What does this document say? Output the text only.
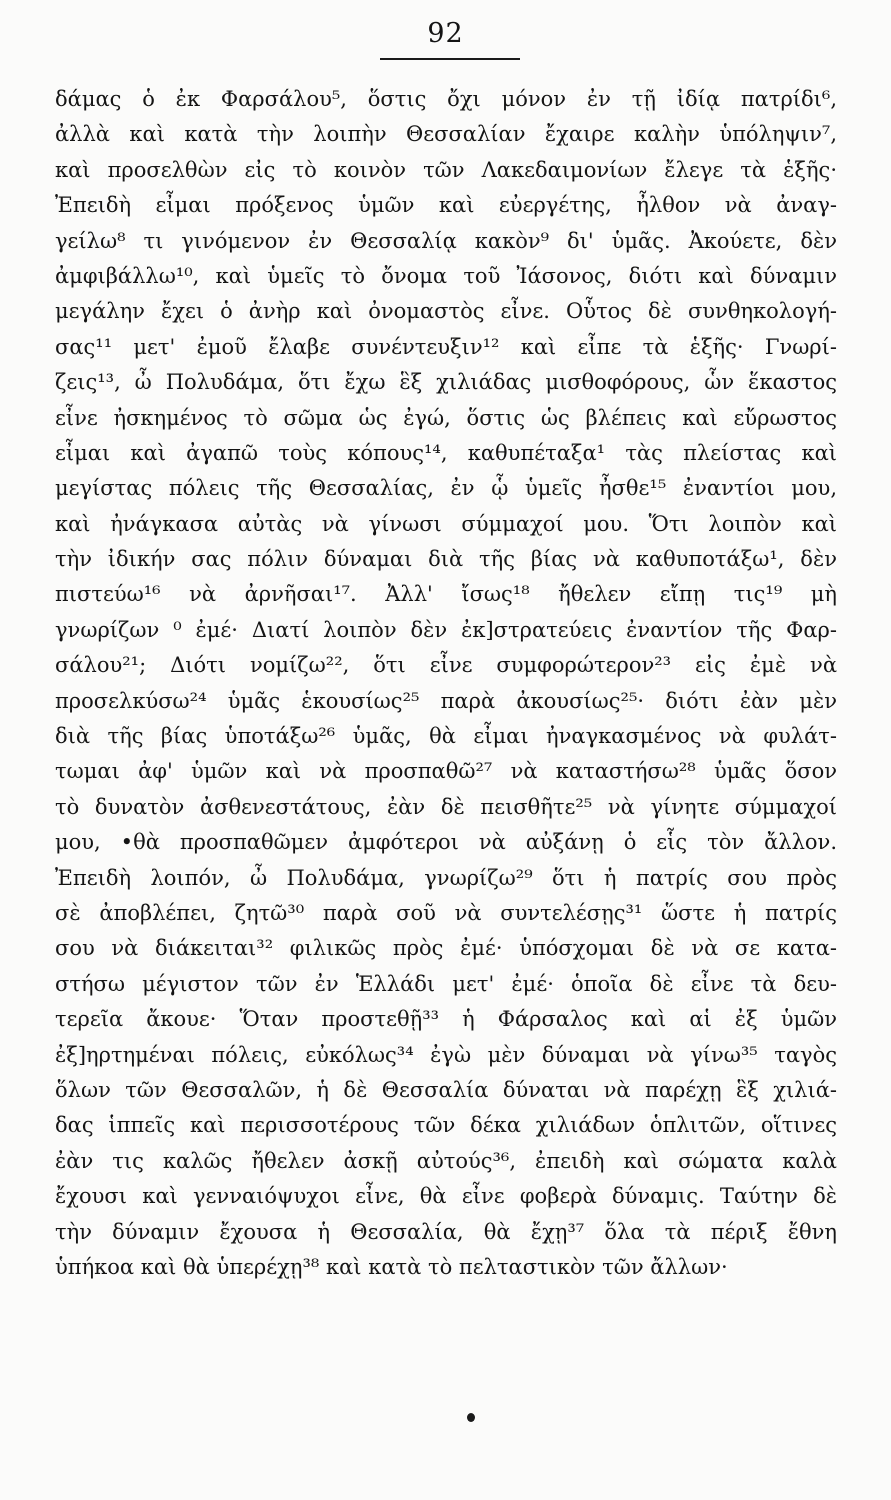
92
δάμας ὁ ἐκ Φαρσάλου⁵, ὅστις ὄχι μόνον ἐν τῇ ἰδίᾳ πατρίδι⁶,
ἀλλὰ καὶ κατὰ τὴν λοιπὴν Θεσσαλίαν ἔχαιρε καλὴν ὑπόληψιν⁷,
καὶ προσελθὼν εἰς τὸ κοινὸν τῶν Λακεδαιμονίων ἔλεγε τὰ ἑξῆς·
Ἐπειδὴ εἶμαι πρόξενος ὑμῶν καὶ εὐεργέτης, ἦλθον νὰ ἀναγ-
γείλω⁸ τι γινόμενον ἐν Θεσσαλίᾳ κακὸν⁹ δι' ὑμᾶς. Ἀκούετε, δὲν
ἀμφιβάλλω¹⁰, καὶ ὑμεῖς τὸ ὄνομα τοῦ Ἰάσονος, διότι καὶ δύναμιν
μεγάλην ἔχει ὁ ἀνὴρ καὶ ὀνομαστὸς εἶνε. Οὗτος δὲ συνθηκολογή-
σας¹¹ μετ' ἐμοῦ ἔλαβε συνέντευξιν¹² καὶ εἶπε τὰ ἑξῆς· Γνωρί-
ζεις¹³, ὦ Πολυδάμα, ὅτι ἔχω ἓξ χιλιάδας μισθοφόρους, ὧν ἕκαστος
εἶνε ἠσκημένος τὸ σῶμα ὡς ἐγώ, ὅστις ὡς βλέπεις καὶ εὔρωστος
εἶμαι καὶ ἀγαπῶ τοὺς κόπους¹⁴, καθυπέταξα¹ τὰς πλείστας καὶ
μεγίστας πόλεις τῆς Θεσσαλίας, ἐν ᾧ ὑμεῖς ἦσθε¹⁵ ἐναντίοι μου,
καὶ ἠνάγκασα αὐτὰς νὰ γίνωσι σύμμαχοί μου. Ὅτι λοιπὸν καὶ
τὴν ἰδικήν σας πόλιν δύναμαι διὰ τῆς βίας νὰ καθυποτάξω¹, δὲν
πιστεύω¹⁶ νὰ ἀρνῆσαι¹⁷. Ἀλλ' ἴσως¹⁸ ἤθελεν εἴπῃ τις¹⁹ μὴ
γνωρίζων ⁰ ἐμέ· Διατί λοιπὸν δὲν ἐκ]στρατεύεις ἐναντίον τῆς Φαρ-
σάλου²¹; Διότι νομίζω²², ὅτι εἶνε συμφορώτερον²³ εἰς ἐμὲ νὰ
προσελκύσω²⁴ ὑμᾶς ἑκουσίως²⁵ παρὰ ἀκουσίως²⁵· διότι ἐὰν μὲν
διὰ τῆς βίας ὑποτάξω²⁶ ὑμᾶς, θὰ εἶμαι ἠναγκασμένος νὰ φυλάτ-
τωμαι ἀφ' ὑμῶν καὶ νὰ προσπαθῶ²⁷ νὰ καταστήσω²⁸ ὑμᾶς ὅσον
τὸ δυνατὸν ἀσθενεστάτους, ἐὰν δὲ πεισθῆτε²⁵ νὰ γίνητε σύμμαχοί
μου, •θὰ προσπαθῶμεν ἀμφότεροι νὰ αὐξάνῃ ὁ εἷς τὸν ἄλλον.
Ἐπειδὴ λοιπόν, ὦ Πολυδάμα, γνωρίζω²⁹ ὅτι ἡ πατρίς σου πρὸς
σὲ ἀποβλέπει, ζητῶ³⁰ παρὰ σοῦ νὰ συντελέσῃς³¹ ὥστε ἡ πατρίς
σου νὰ διάκειται³² φιλικῶς πρὸς ἐμέ· ὑπόσχομαι δὲ νὰ σε κατα-
στήσω μέγιστον τῶν ἐν Ἑλλάδι μετ' ἐμέ· ὁποῖα δὲ εἶνε τὰ δευ-
τερεῖα ἄκουε· Ὅταν προστεθῇ³³ ἡ Φάρσαλος καὶ αἱ ἐξ ὑμῶν
ἐξ]ηρτημέναι πόλεις, εὐκόλως³⁴ ἐγὼ μὲν δύναμαι νὰ γίνω³⁵ ταγὸς
ὅλων τῶν Θεσσαλῶν, ἡ δὲ Θεσσαλία δύναται νὰ παρέχῃ ἓξ χιλιά-
δας ἱππεῖς καὶ περισσοτέρους τῶν δέκα χιλιάδων ὁπλιτῶν, οἵτινες
ἐὰν τις καλῶς ἤθελεν ἀσκῇ αὐτούς³⁶, ἐπειδὴ καὶ σώματα καλὰ
ἔχουσι καὶ γενναιόψυχοι εἶνε, θὰ εἶνε φοβερὰ δύναμις. Ταύτην δὲ
τὴν δύναμιν ἔχουσα ἡ Θεσσαλία, θὰ ἔχῃ³⁷ ὅλα τὰ πέριξ ἔθνη
ὑπήκοα καὶ θὰ ὑπερέχῃ³⁸ καὶ κατὰ τὸ πελταστικὸν τῶν ἄλλων·
